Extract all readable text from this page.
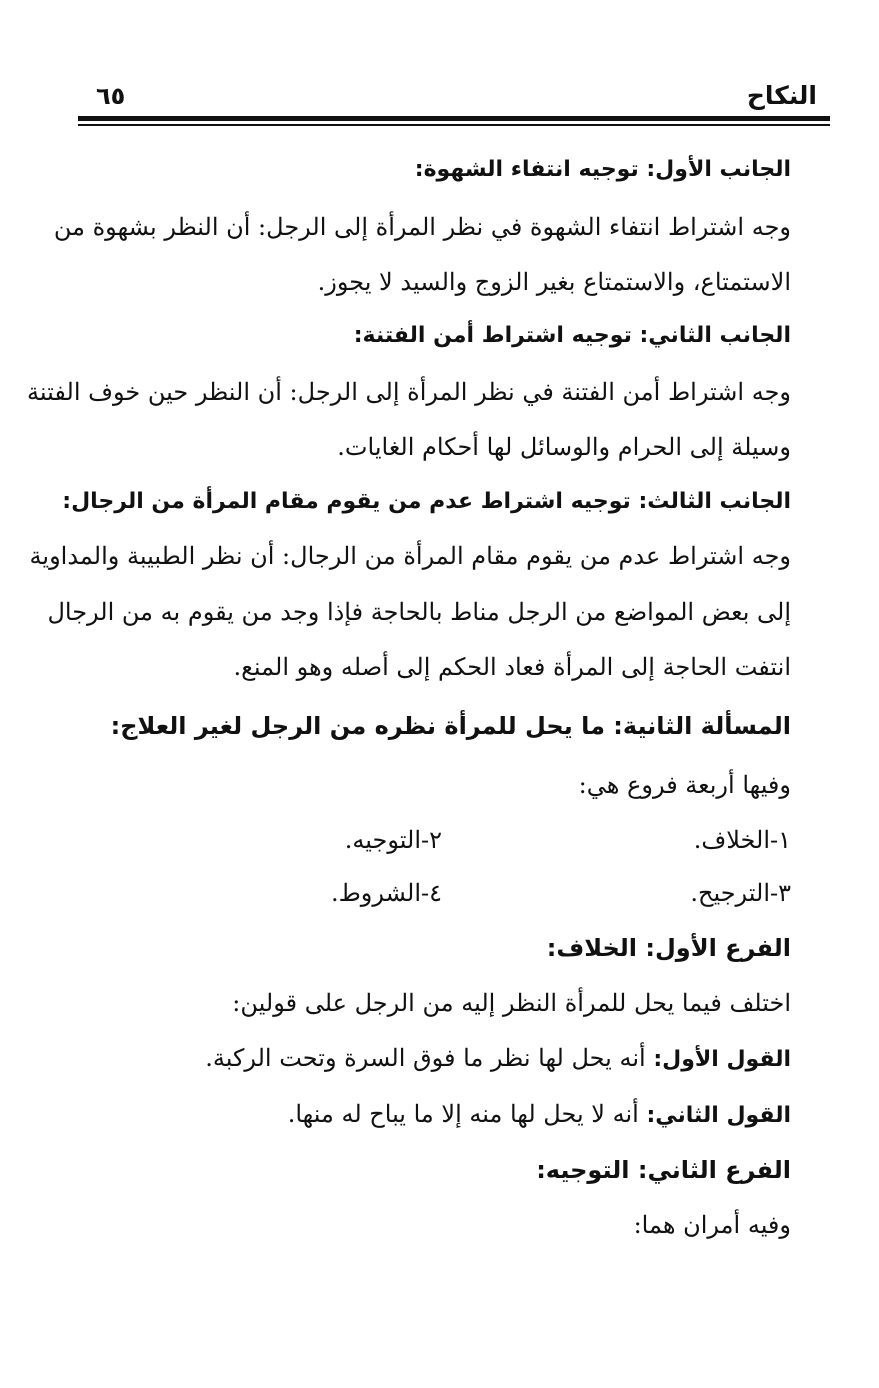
النكاح
٦٥
الجانب الأول: توجيه انتفاء الشهوة:
وجه اشتراط انتفاء الشهوة في نظر المرأة إلى الرجل: أن النظر بشهوة من
الاستمتاع، والاستمتاع بغير الزوج والسيد لا يجوز.
الجانب الثاني: توجيه اشتراط أمن الفتنة:
وجه اشتراط أمن الفتنة في نظر المرأة إلى الرجل: أن النظر حين خوف الفتنة
وسيلة إلى الحرام والوسائل لها أحكام الغايات.
الجانب الثالث: توجيه اشتراط عدم من يقوم مقام المرأة من الرجال:
وجه اشتراط عدم من يقوم مقام المرأة من الرجال: أن نظر الطبيبة والمداوية
إلى بعض المواضع من الرجل مناط بالحاجة فإذا وجد من يقوم به من الرجال
انتفت الحاجة إلى المرأة فعاد الحكم إلى أصله وهو المنع.
المسألة الثانية: ما يحل للمرأة نظره من الرجل لغير العلاج:
وفيها أربعة فروع هي:
١-الخلاف.
٢-التوجيه.
٣-الترجيح.
٤-الشروط.
الفرع الأول: الخلاف:
اختلف فيما يحل للمرأة النظر إليه من الرجل على قولين:
القول الأول: أنه يحل لها نظر ما فوق السرة وتحت الركبة.
القول الثاني: أنه لا يحل لها منه إلا ما يباح له منها.
الفرع الثاني: التوجيه:
وفيه أمران هما:
